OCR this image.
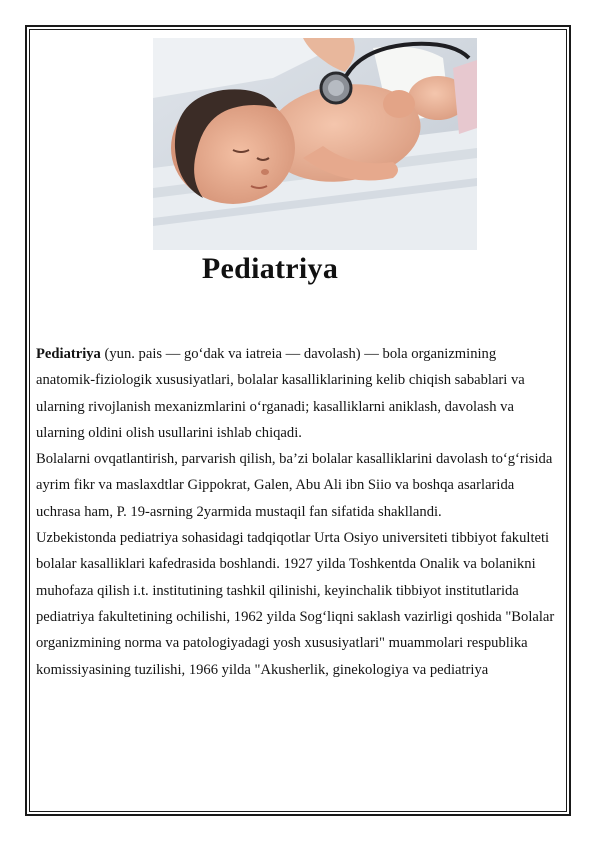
Pediatriya

Pediatriya (yun. pais — go‘dak va iatreia — davolash) — bola organizmining anatomik-fiziologik xususiyatlari, bolalar kasalliklarining kelib chiqish sabablari va ularning rivojlanish mexanizmlarini o‘rganadi; kasalliklarni aniklash, davolash va ularning oldini olish usullarini ishlab chiqadi.

Bolalarni ovqatlantirish, parvarish qilish, ba’zi bolalar kasalliklarini davolash to‘g‘risida ayrim fikr va maslaxdtlar Gippokrat, Galen, Abu Ali ibn Siio va boshqa asarlarida uchrasa ham, P. 19-asrning 2yarmida mustaqil fan sifatida shakllandi.

Uzbekistonda pediatriya sohasidagi tadqiqotlar Urta Osiyo universiteti tibbiyot fakulteti bolalar kasalliklari kafedrasida boshlandi. 1927 yilda Toshkentda Onalik va bolanikni muhofaza qilish i.t. institutining tashkil qilinishi, keyinchalik tibbiyot institutlarida pediatriya fakultetining ochilishi, 1962 yilda Sog‘liqni saklash vazirligi qoshida "Bolalar organizmining norma va patologiyadagi yosh xususiyatlari" muammolari respublika komissiyasining tuzilishi, 1966 yilda "Akusherlik, ginekologiya va pediatriya
